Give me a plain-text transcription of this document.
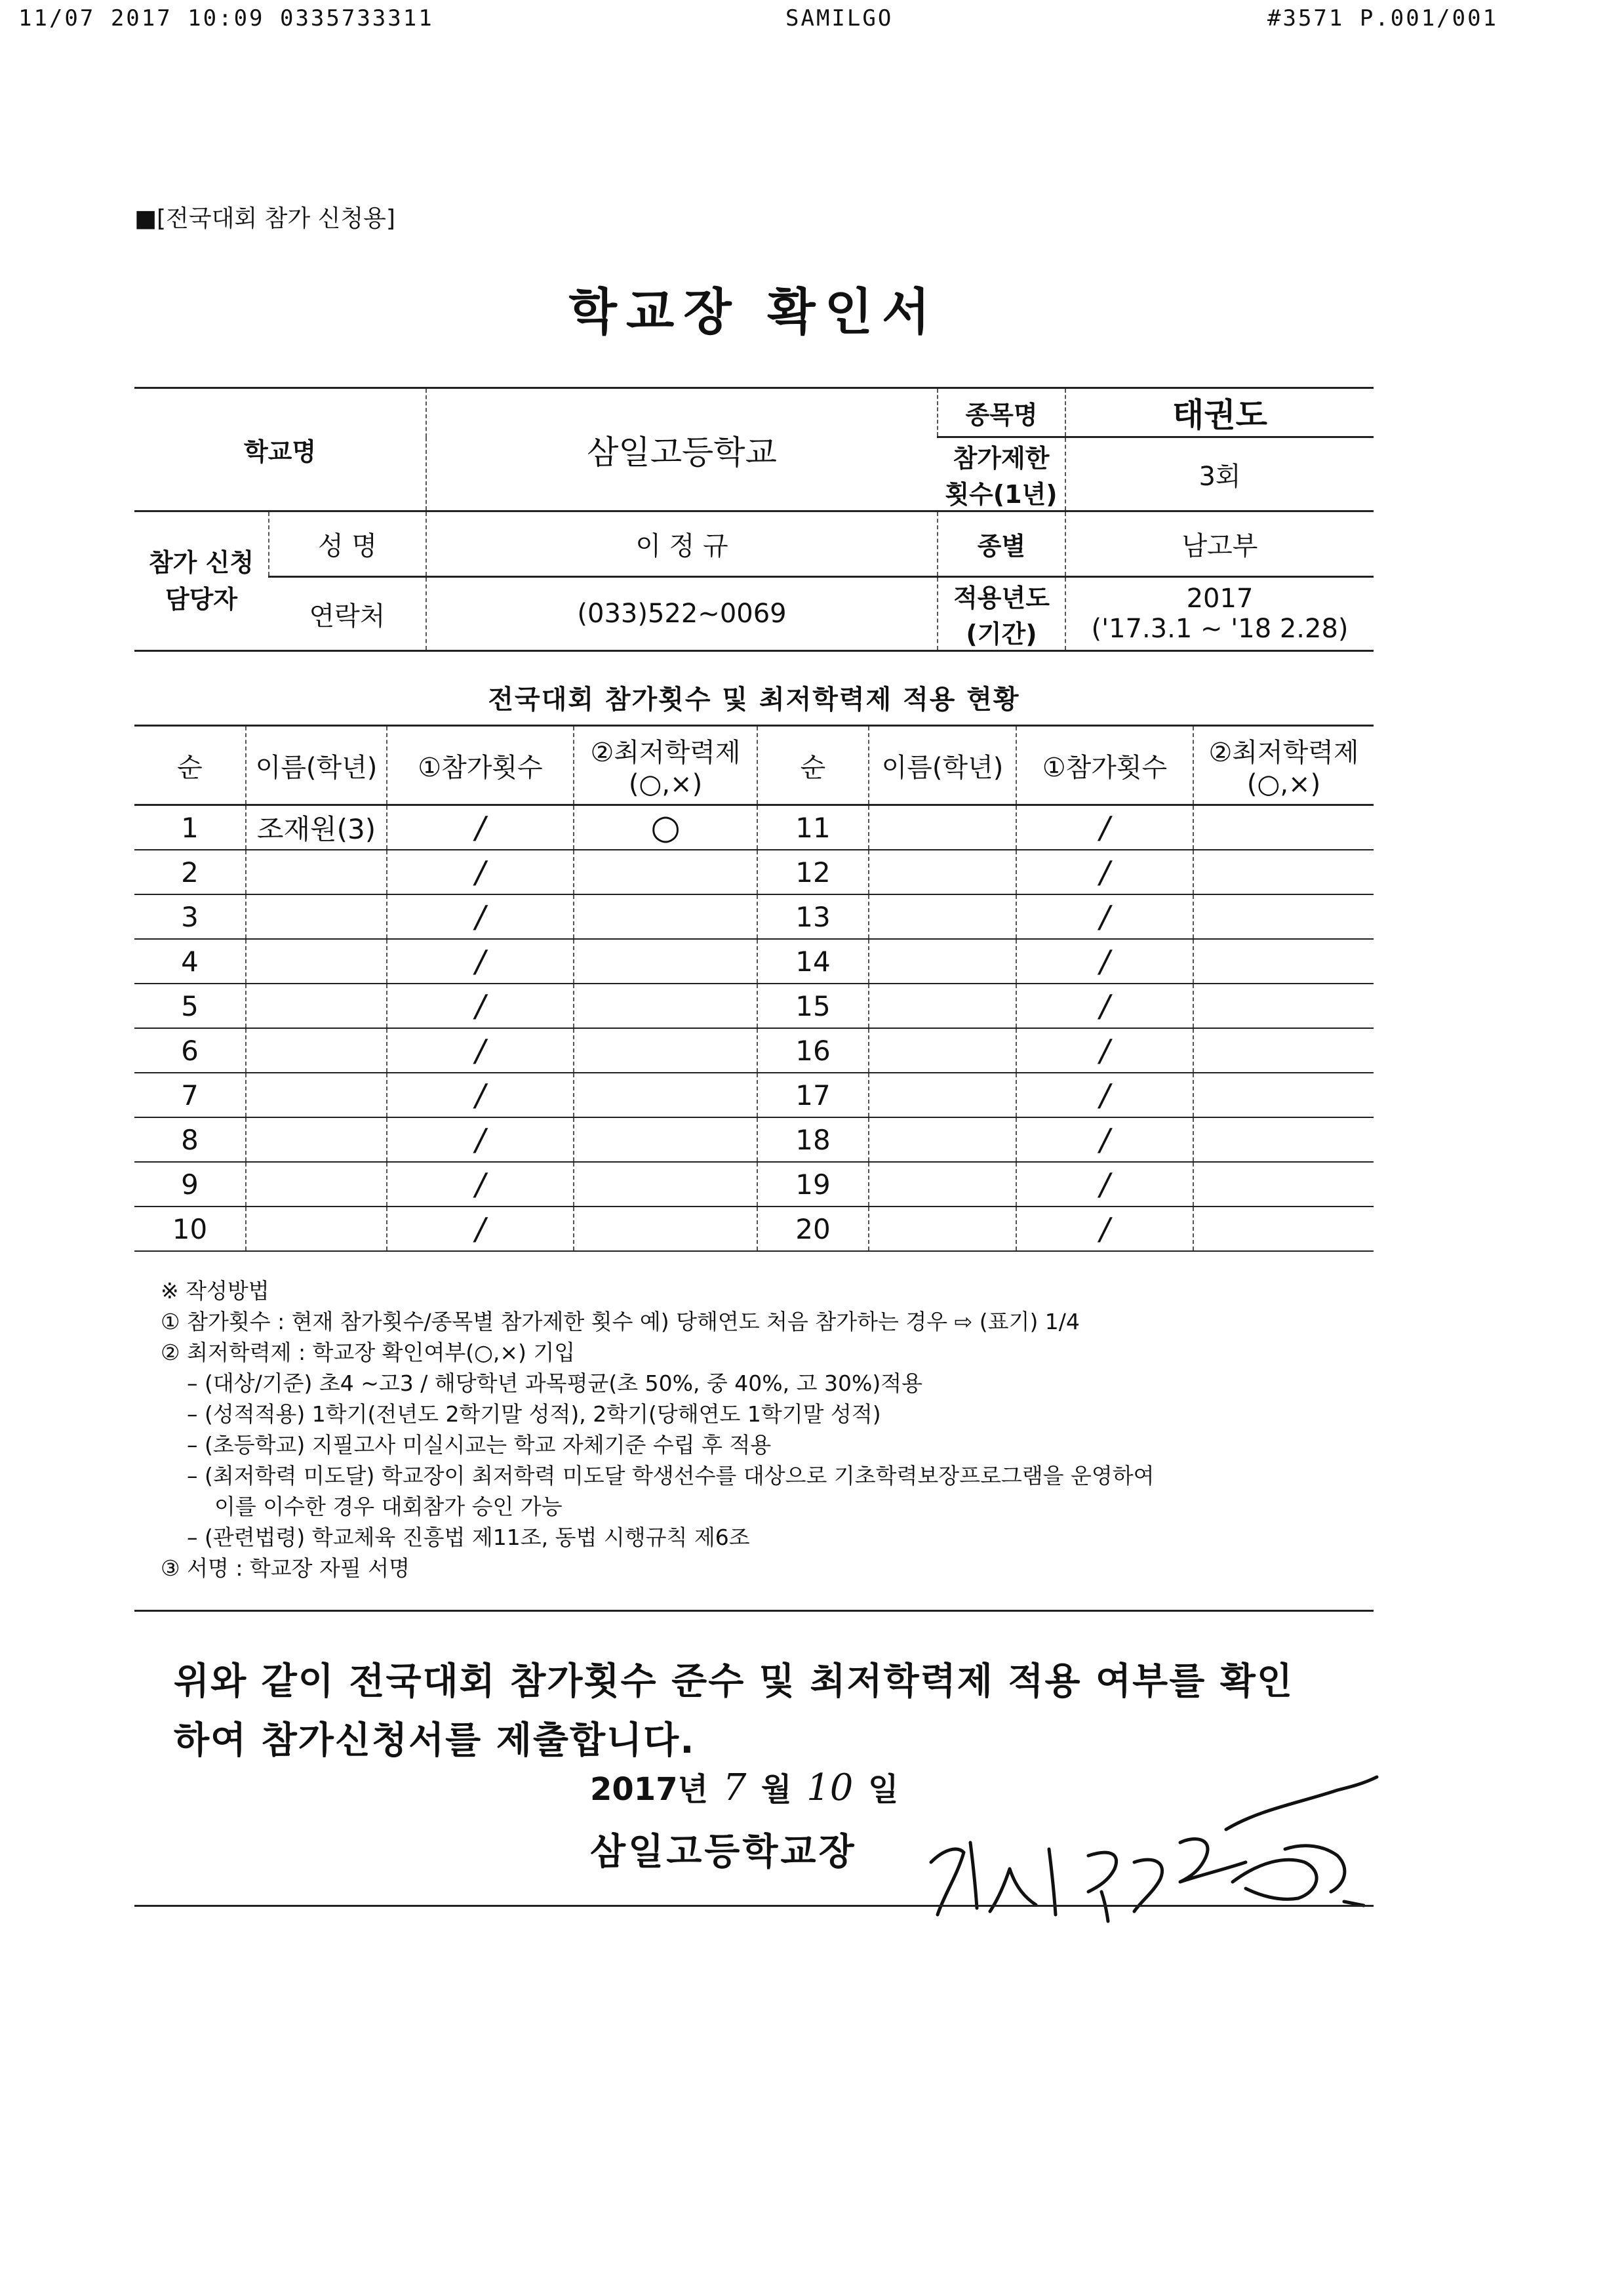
11/07 2017 10:09 0335733311	SAMILGO	#3571 P.001/001
■[전국대회 참가 신청용]
학교장 확인서
학교명		삼일고등학교	종목명	태권도
			참가제한 횟수(1년)	3회
참가 신청 담당자	성 명	이 정 규	종별	남고부
	연락처	(033)522~0069	적용년도 (기간)	2017
('17.3.1 ~ '18 2.28)
전국대회 참가횟수 및 최저학력제 적용 현황
순	이름(학년)	①참가횟수	②최저학력제 (○,×)	순	이름(학년)	①참가횟수	②최저학력제 (○,×)
1	조재원(3)	/	○	11		/	
2		/		12		/	
3		/		13		/	
4		/		14		/	
5		/		15		/	
6		/		16		/	
7		/		17		/	
8		/		18		/	
9		/		19		/	
10		/		20		/	
※ 작성방법
① 참가횟수 : 현재 참가횟수/종목별 참가제한 횟수 예) 당해연도 처음 참가하는 경우 ⇨ (표기) 1/4
② 최저학력제 : 학교장 확인여부(○,×) 기입
– (대상/기준) 초4 ~고3 / 해당학년 과목평균(초 50%, 중 40%, 고 30%)적용
– (성적적용) 1학기(전년도 2학기말 성적), 2학기(당해연도 1학기말 성적)
– (초등학교) 지필고사 미실시교는 학교 자체기준 수립 후 적용
– (최저학력 미도달) 학교장이 최저학력 미도달 학생선수를 대상으로 기초학력보장프로그램을 운영하여
이를 이수한 경우 대회참가 승인 가능
– (관련법령) 학교체육 진흥법 제11조, 동법 시행규칙 제6조
③ 서명 : 학교장 자필 서명
위와 같이 전국대회 참가횟수 준수 및 최저학력제 적용 여부를 확인
하여 참가신청서를 제출합니다.
2017년 7 월 10 일
삼일고등학교장
